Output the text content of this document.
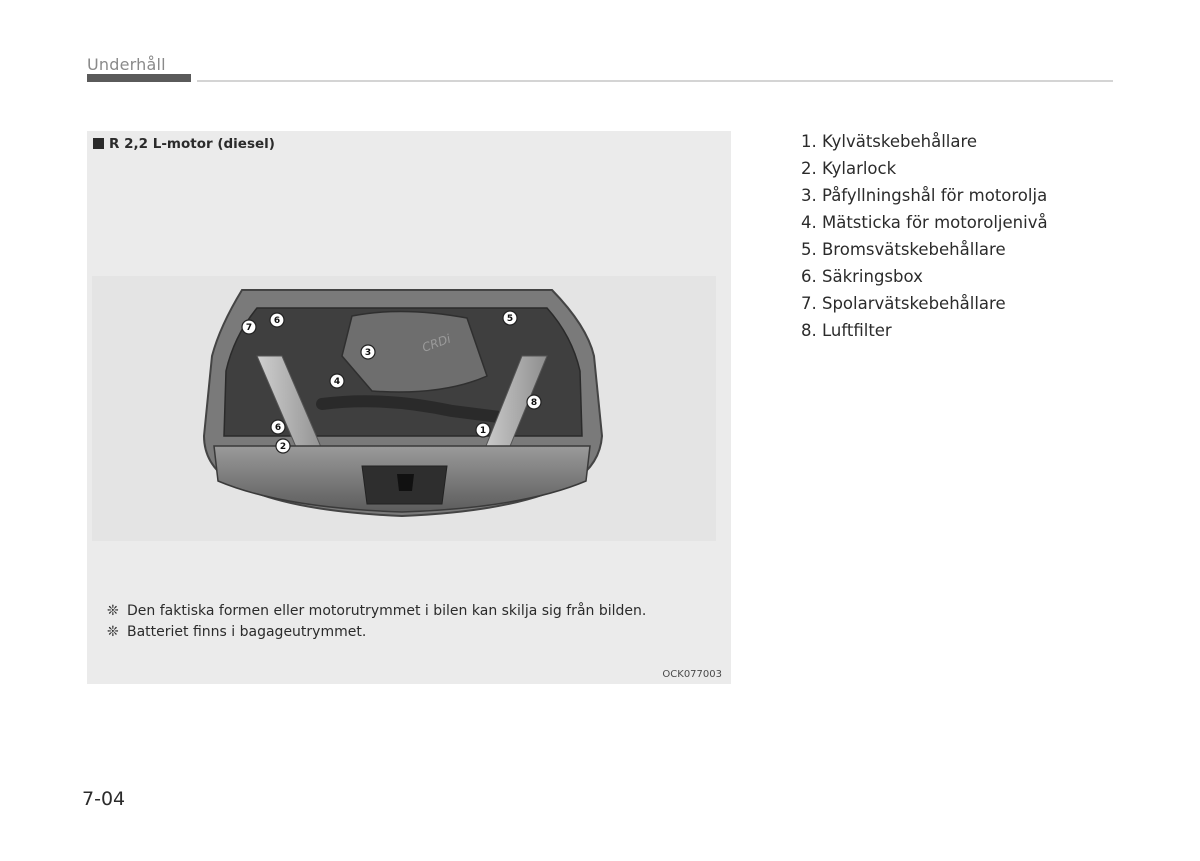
Underhåll
R 2,2 L-motor (diesel)
CRDi
7
6
3
4
6
2
5
8
1
❊ Den faktiska formen eller motorutrymmet i bilen kan skilja sig från bilden.
❊ Batteriet finns i bagageutrymmet.
OCK077003
1. Kylvätskebehållare
2. Kylarlock
3. Påfyllningshål för motorolja
4. Mätsticka för motoroljenivå
5. Bromsvätskebehållare
6. Säkringsbox
7. Spolarvätskebehållare
8. Luftfilter
7-04
